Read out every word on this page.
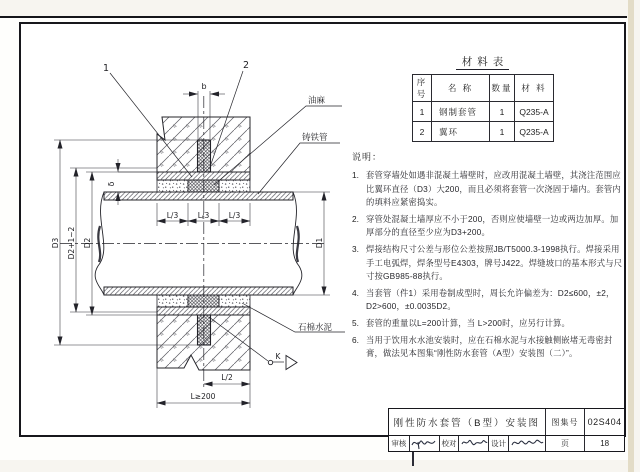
1	2
b
δ
L/3	L/3	L/3
L/2
L≥200
D1
D2
D2+1~2
D3
油麻
铸铁管
石棉水泥
K
材料表
序号	名 称	数量	材 料
1	钢制套管	1	Q235-A
2	翼环	1	Q235-A
说明：
1. 套管穿墙处如遇非混凝土墙壁时，应改用混凝土墙壁，其浇注范围应比翼环直径（D3）大200，而且必须将套管一次浇固于墙内。套管内的填料应紧密捣实。
2. 穿管处混凝土墙厚应不小于200，否则应使墙壁一边或两边加厚。加厚部分的直径至少应为D3+200。
3. 焊接结构尺寸公差与形位公差按照JB/T5000.3-1998执行。焊接采用手工电弧焊，焊条型号E4303，牌号J422。焊缝坡口的基本形式与尺寸按GB985-88执行。
4. 当套管（件1）采用卷制成型时，周长允许偏差为：D2≤600，±2，D2>600，±0.0035D2。
5. 套管的重量以L=200计算，当 L>200时，应另行计算。
6. 当用于饮用水水池安装时，应在石棉水泥与水接触侧嵌堵无毒密封膏，做法见本图集“刚性防水套管（A型）安装图（二）”。
刚性防水套管（B型）安装图	图集号	02S404
审核	校对	设计	页	18
